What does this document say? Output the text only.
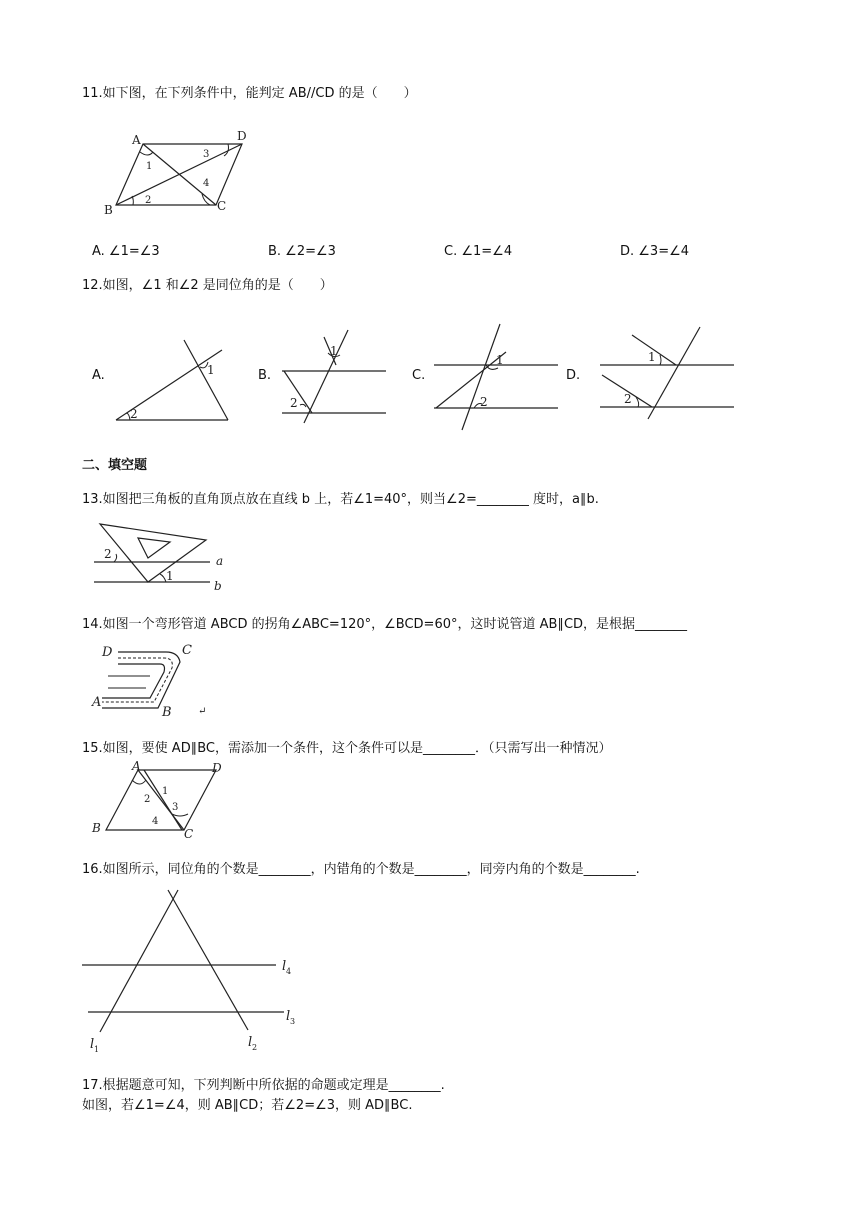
11.如下图，在下列条件中，能判定 AB//CD 的是（　　）
A	D
B	C
1
2
3
4
A. ∠1=∠3	B. ∠2=∠3	C. ∠1=∠4	D. ∠3=∠4
12.如图，∠1 和∠2 是同位角的是（　　）
A.	1
2
B.
1
2
C.
1
2
D.
1
2
二、填空题
13.如图把三角板的直角顶点放在直线 b 上，若∠1=40°，则当∠2=________ 度时，a∥b.
2
1
a
b
14.如图一个弯形管道 ABCD 的拐角∠ABC=120°，∠BCD=60°，这时说管道 AB∥CD，是根据________
D	C
A
B	↵
15.如图，要使 AD∥BC，需添加一个条件，这个条件可以是________．（只需写出一种情况）
A	D
B	C
1
2
3
4
16.如图所示，同位角的个数是________，内错角的个数是________，同旁内角的个数是________.
l 4
l 3
l 1	l 2
17.根据题意可知，下列判断中所依据的命题或定理是________.
如图，若∠1=∠4，则 AB∥CD；若∠2=∠3，则 AD∥BC.
